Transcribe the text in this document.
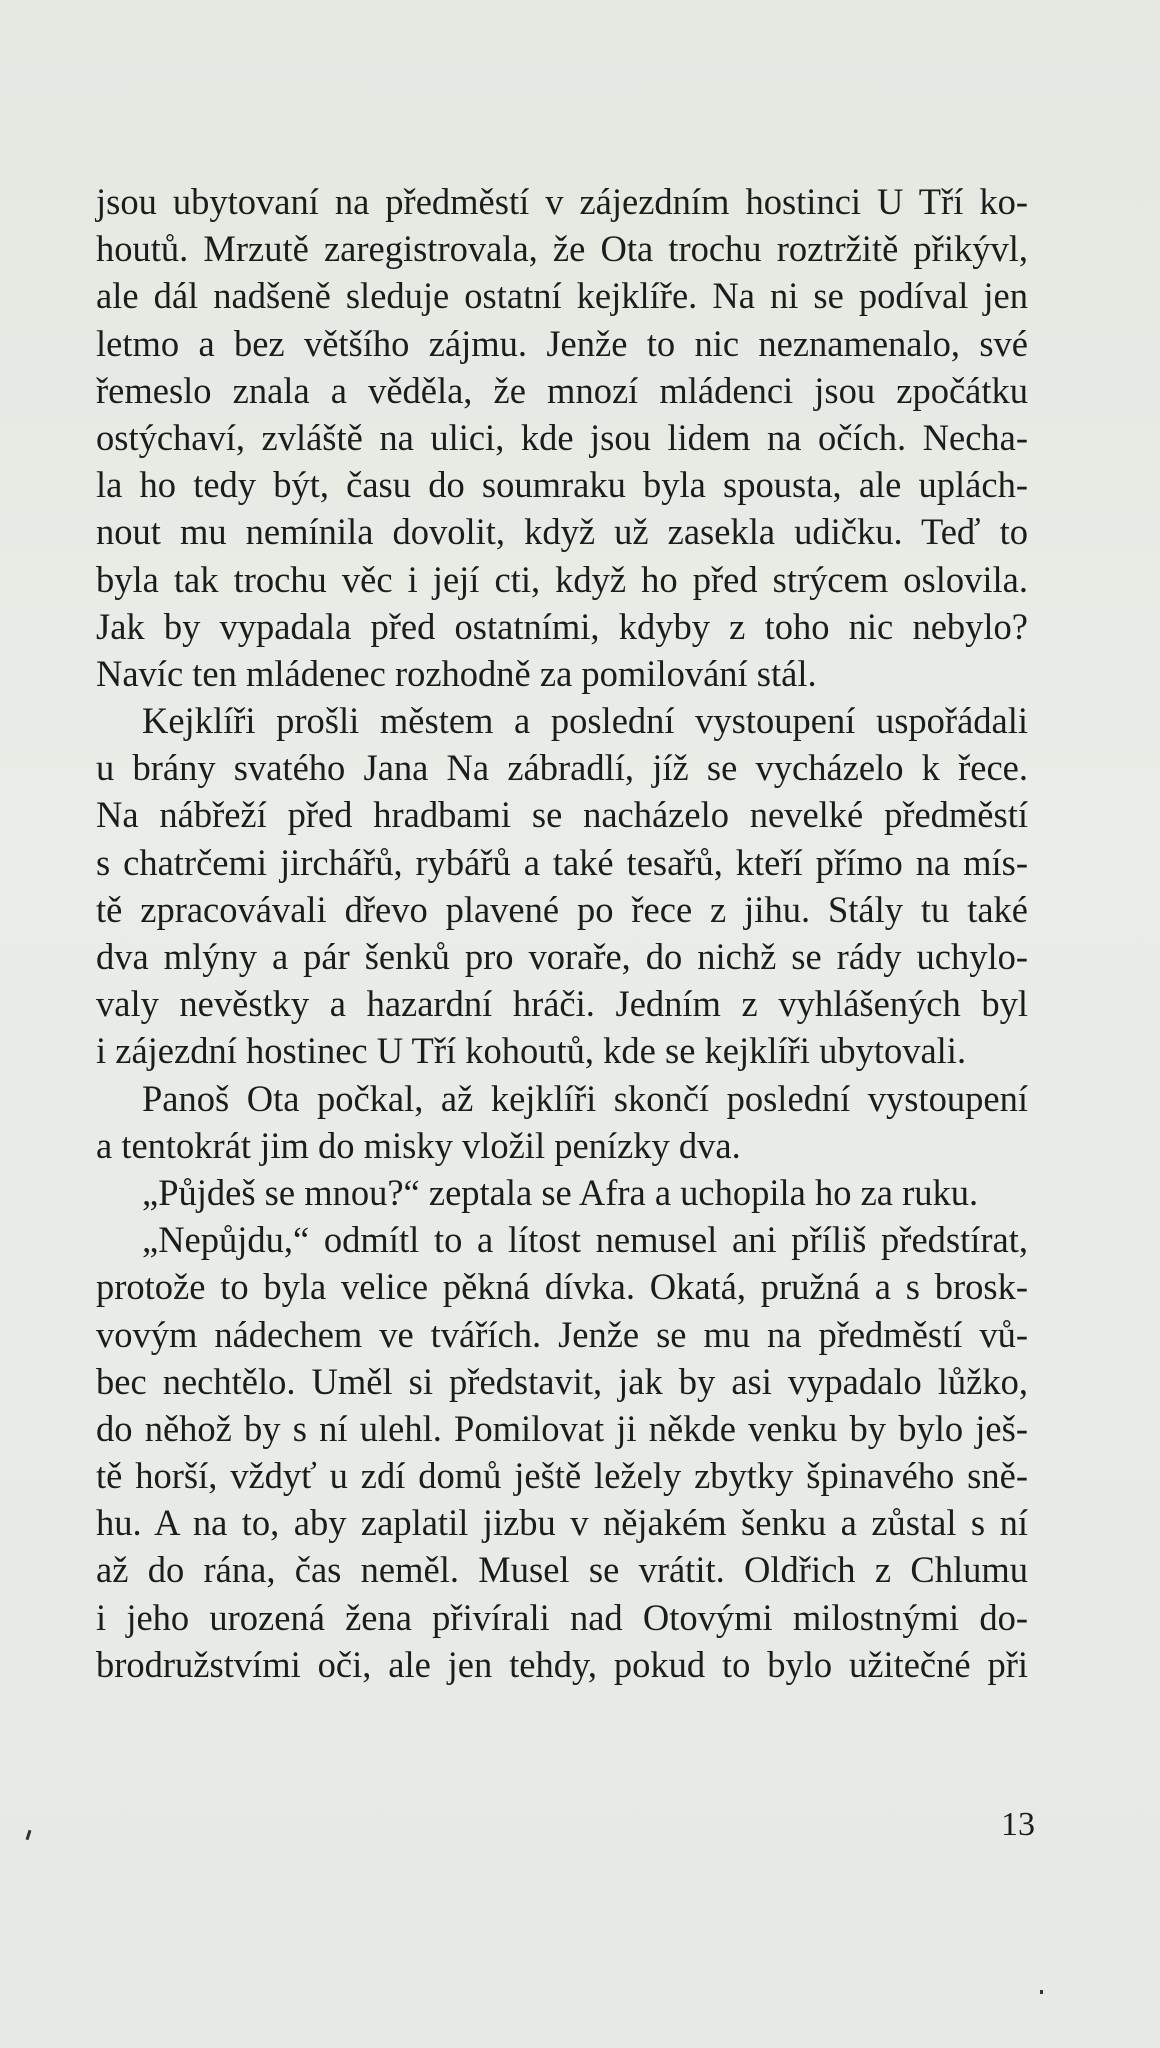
jsou ubytovaní na předměstí v zájezdním hostinci U Tří ko-
houtů. Mrzutě zaregistrovala, že Ota trochu roztržitě přikývl,
ale dál nadšeně sleduje ostatní kejklíře. Na ni se podíval jen
letmo a bez většího zájmu. Jenže to nic neznamenalo, své
řemeslo znala a věděla, že mnozí mládenci jsou zpočátku
ostýchaví, zvláště na ulici, kde jsou lidem na očích. Necha-
la ho tedy být, času do soumraku byla spousta, ale uplách-
nout mu nemínila dovolit, když už zasekla udičku. Teď to
byla tak trochu věc i její cti, když ho před strýcem oslovila.
Jak by vypadala před ostatními, kdyby z toho nic nebylo?
Navíc ten mládenec rozhodně za pomilování stál.
Kejklíři prošli městem a poslední vystoupení uspořádali
u brány svatého Jana Na zábradlí, jíž se vycházelo k řece.
Na nábřeží před hradbami se nacházelo nevelké předměstí
s chatrčemi jirchářů, rybářů a také tesařů, kteří přímo na mís-
tě zpracovávali dřevo plavené po řece z jihu. Stály tu také
dva mlýny a pár šenků pro voraře, do nichž se rády uchylo-
valy nevěstky a hazardní hráči. Jedním z vyhlášených byl
i zájezdní hostinec U Tří kohoutů, kde se kejklíři ubytovali.
Panoš Ota počkal, až kejklíři skončí poslední vystoupení
a tentokrát jim do misky vložil penízky dva.
„Půjdeš se mnou?“ zeptala se Afra a uchopila ho za ruku.
„Nepůjdu,“ odmítl to a lítost nemusel ani příliš předstírat,
protože to byla velice pěkná dívka. Okatá, pružná a s brosk-
vovým nádechem ve tvářích. Jenže se mu na předměstí vů-
bec nechtělo. Uměl si představit, jak by asi vypadalo lůžko,
do něhož by s ní ulehl. Pomilovat ji někde venku by bylo ješ-
tě horší, vždyť u zdí domů ještě ležely zbytky špinavého sně-
hu. A na to, aby zaplatil jizbu v nějakém šenku a zůstal s ní
až do rána, čas neměl. Musel se vrátit. Oldřich z Chlumu
i jeho urozená žena přivírali nad Otovými milostnými do-
brodružstvími oči, ale jen tehdy, pokud to bylo užitečné při
13
